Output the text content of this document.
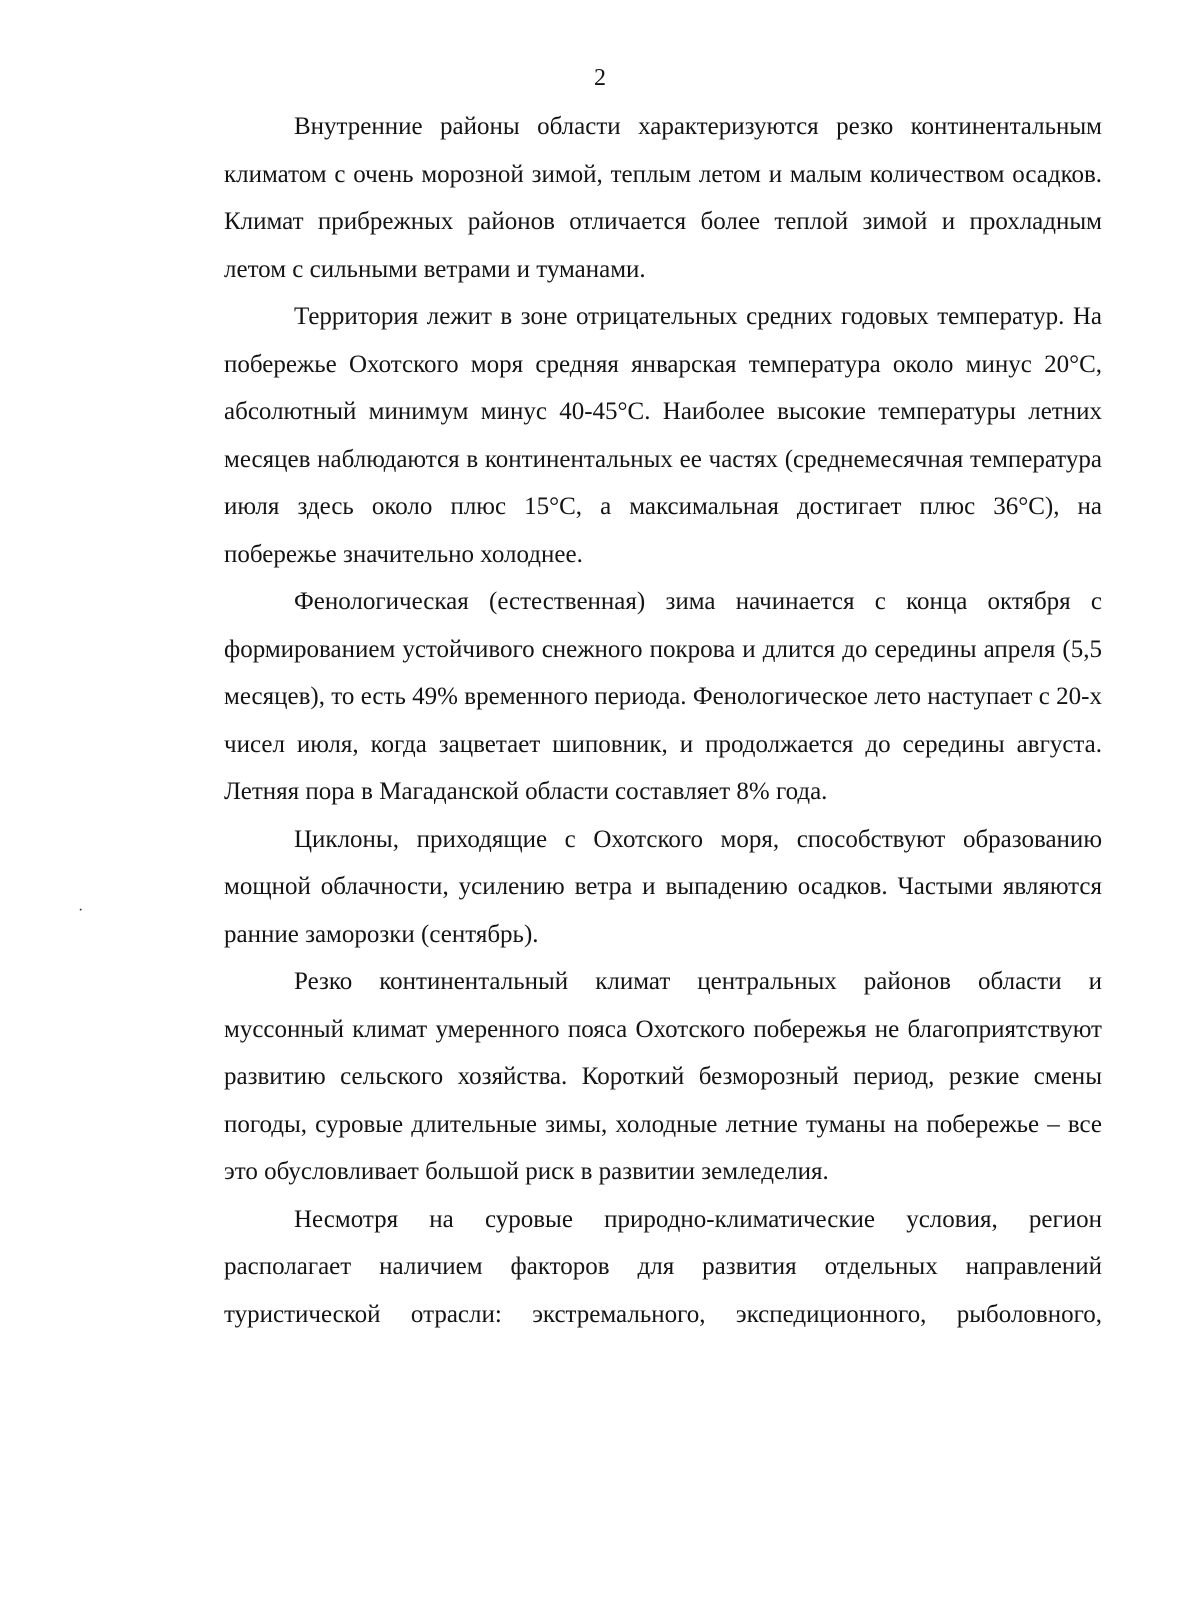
2
·

Внутренние районы области характеризуются резко континентальным климатом с очень морозной зимой, теплым летом и малым количеством осадков. Климат прибрежных районов отличается более теплой зимой и прохладным летом с сильными ветрами и туманами.

Территория лежит в зоне отрицательных средних годовых температур. На побережье Охотского моря средняя январская температура около минус 20°С, абсолютный минимум минус 40-45°С. Наиболее высокие температуры летних месяцев наблюдаются в континентальных ее частях (среднемесячная температура июля здесь около плюс 15°С, а максимальная достигает плюс 36°С), на побережье значительно холоднее.

Фенологическая (естественная) зима начинается с конца октября с формированием устойчивого снежного покрова и длится до середины апреля (5,5 месяцев), то есть 49% временного периода. Фенологическое лето наступает с 20-х чисел июля, когда зацветает шиповник, и продолжается до середины августа. Летняя пора в Магаданской области составляет 8% года.

Циклоны, приходящие с Охотского моря, способствуют образованию мощной облачности, усилению ветра и выпадению осадков. Частыми являются ранние заморозки (сентябрь).

Резко континентальный климат центральных районов области и муссонный климат умеренного пояса Охотского побережья не благоприятствуют развитию сельского хозяйства. Короткий безморозный период, резкие смены погоды, суровые длительные зимы, холодные летние туманы на побережье – все это обусловливает большой риск в развитии земледелия.

Несмотря на суровые природно-климатические условия, регион располагает наличием факторов для развития отдельных направлений туристической отрасли: экстремального, экспедиционного, рыболовного,
